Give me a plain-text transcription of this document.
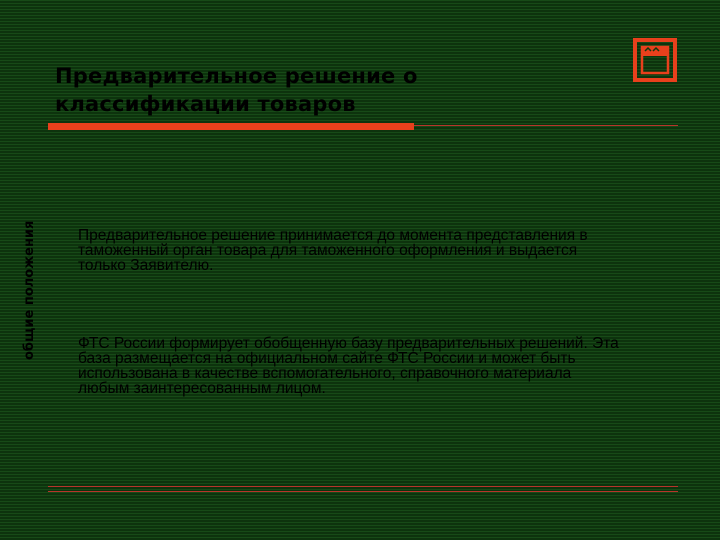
Предварительное решение о
классификации товаров
общие положения	Предварительное решение принимается до момента представления в
таможенный орган товара для таможенного оформления и выдается
только Заявителю.
ФТС России формирует обобщенную базу предварительных решений. Эта
база размещается на официальном сайте ФТС России и может быть
использована в качестве вспомогательного, справочного материала
любым заинтересованным лицом.
